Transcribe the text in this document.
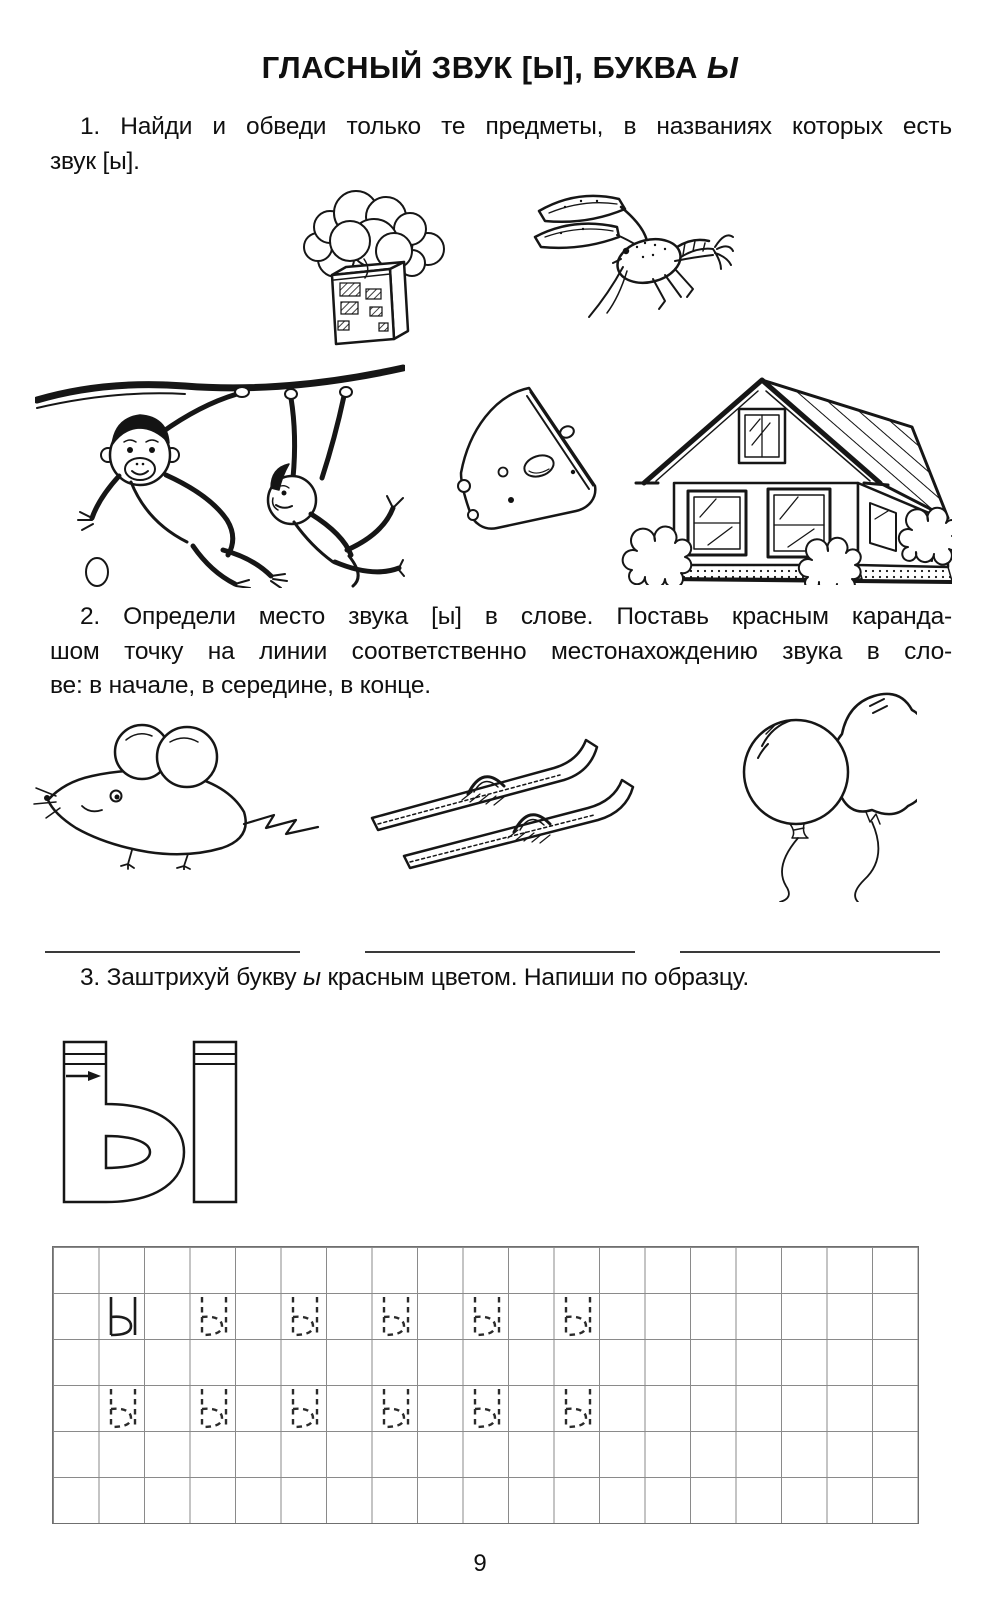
ГЛАСНЫЙ ЗВУК [Ы], БУКВА Ы
1. Найди и обведи только те предметы, в названиях которых есть
звук [ы].
2. Определи место звука [ы] в слове. Поставь красным каранда-
шом точку на линии соответственно местонахождению звука в сло-
ве: в начале, в середине, в конце.
3. Заштрихуй букву ы красным цветом. Напиши по образцу.
9
